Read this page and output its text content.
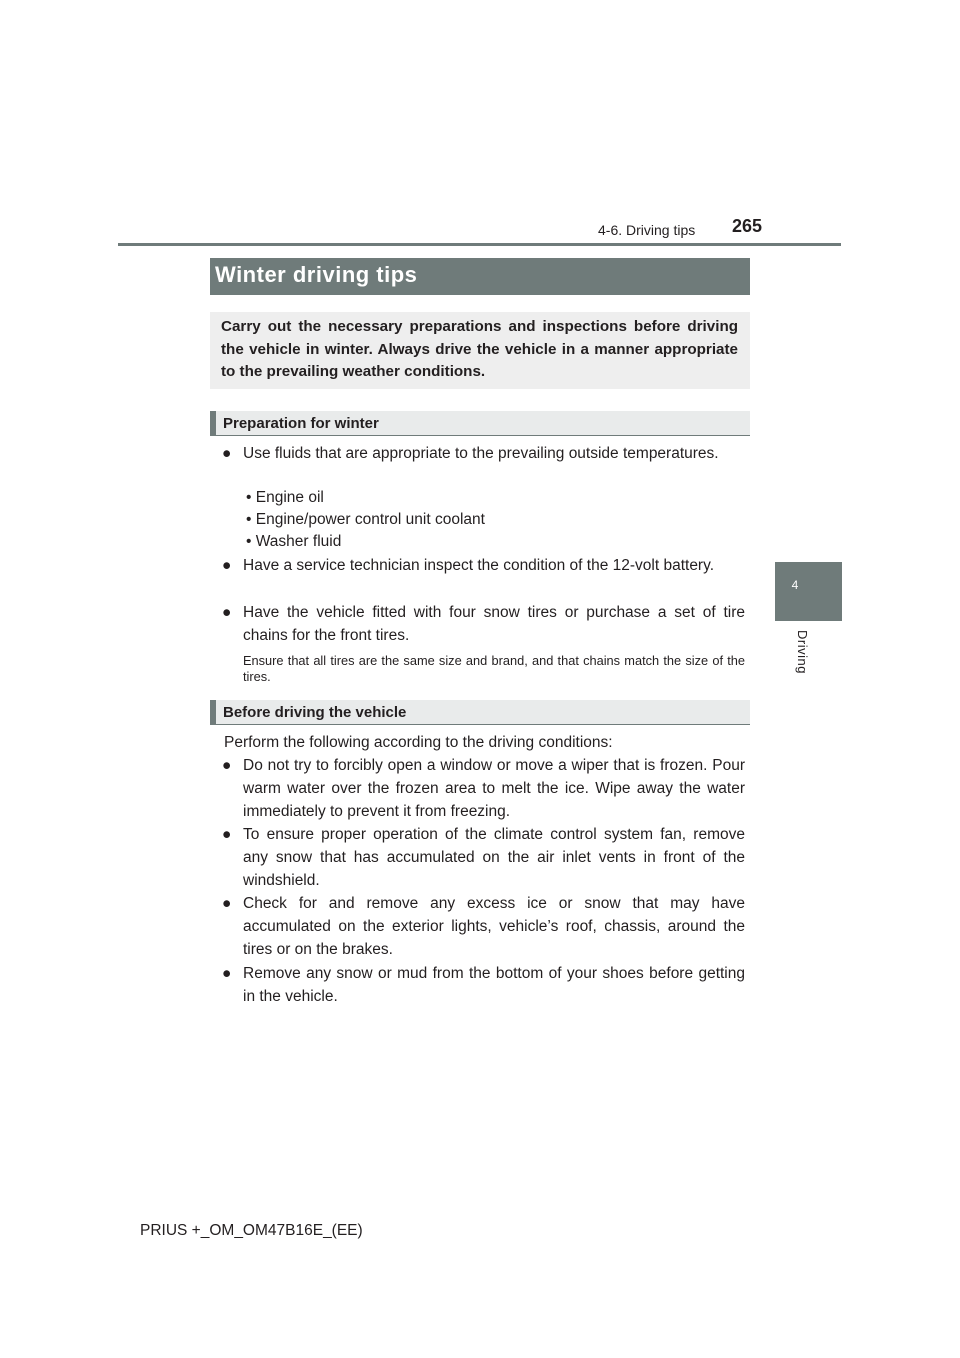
4-6. Driving tips 265
4
Driving
Winter driving tips
Carry out the necessary preparations and inspections before driving the vehicle in winter. Always drive the vehicle in a manner appropriate to the prevailing weather conditions.
Preparation for winter
● Use fluids that are appropriate to the prevailing outside temperatures.
• Engine oil
• Engine/power control unit coolant
• Washer fluid
● Have a service technician inspect the condition of the 12-volt battery.
● Have the vehicle fitted with four snow tires or purchase a set of tire chains for the front tires.
Ensure that all tires are the same size and brand, and that chains match the size of the tires.
Before driving the vehicle
Perform the following according to the driving conditions:
● Do not try to forcibly open a window or move a wiper that is frozen. Pour warm water over the frozen area to melt the ice. Wipe away the water immediately to prevent it from freezing.
● To ensure proper operation of the climate control system fan, remove any snow that has accumulated on the air inlet vents in front of the windshield.
● Check for and remove any excess ice or snow that may have accumulated on the exterior lights, vehicle’s roof, chassis, around the tires or on the brakes.
● Remove any snow or mud from the bottom of your shoes before getting in the vehicle.
PRIUS +_OM_OM47B16E_(EE)
